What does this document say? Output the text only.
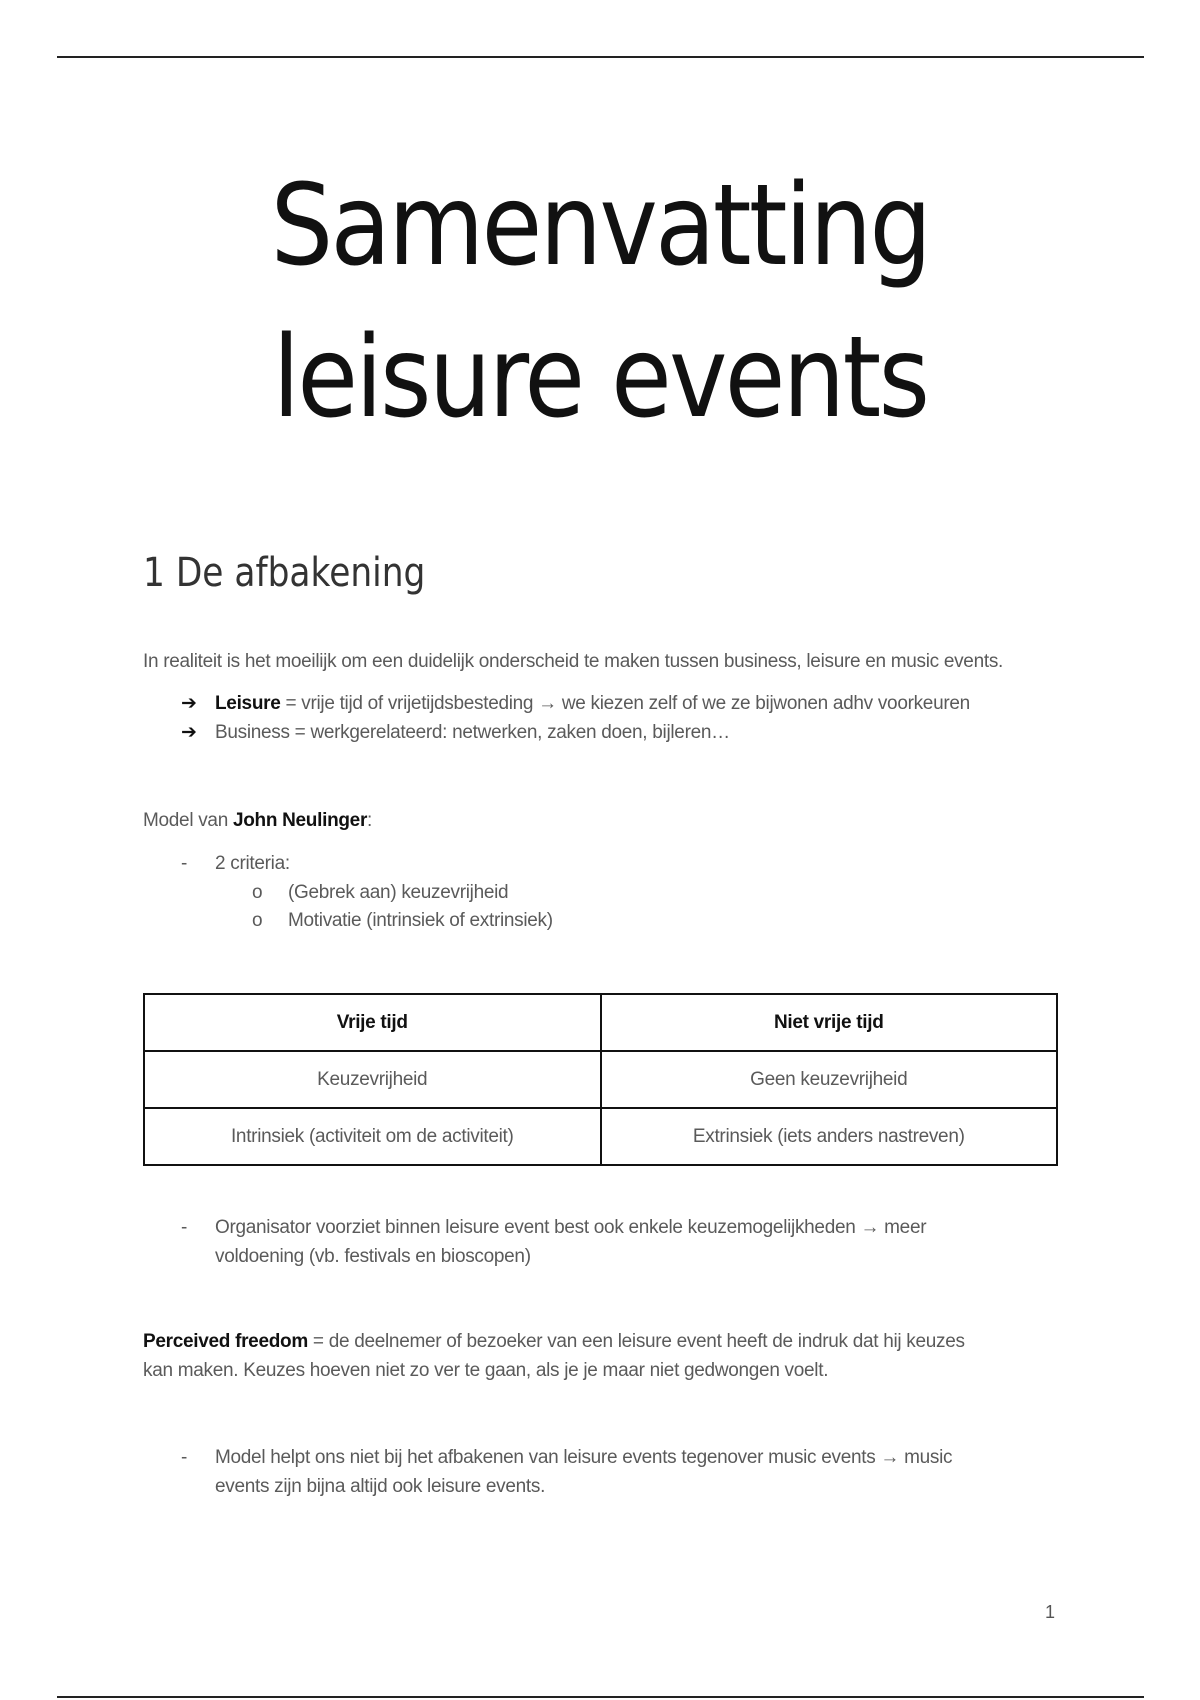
Samenvatting
leisure events
1 De afbakening
In realiteit is het moeilijk om een duidelijk onderscheid te maken tussen business, leisure en music events.
➔ Leisure = vrije tijd of vrijetijdsbesteding → we kiezen zelf of we ze bijwonen adhv voorkeuren
➔ Business = werkgerelateerd: netwerken, zaken doen, bijleren…
Model van John Neulinger:
- 2 criteria:
o (Gebrek aan) keuzevrijheid
o Motivatie (intrinsiek of extrinsiek)
Vrije tijd	Niet vrije tijd
Keuzevrijheid	Geen keuzevrijheid
Intrinsiek (activiteit om de activiteit)	Extrinsiek (iets anders nastreven)
- Organisator voorziet binnen leisure event best ook enkele keuzemogelijkheden → meer
voldoening (vb. festivals en bioscopen)
Perceived freedom = de deelnemer of bezoeker van een leisure event heeft de indruk dat hij keuzes
kan maken. Keuzes hoeven niet zo ver te gaan, als je je maar niet gedwongen voelt.
- Model helpt ons niet bij het afbakenen van leisure events tegenover music events → music
events zijn bijna altijd ook leisure events.
1
